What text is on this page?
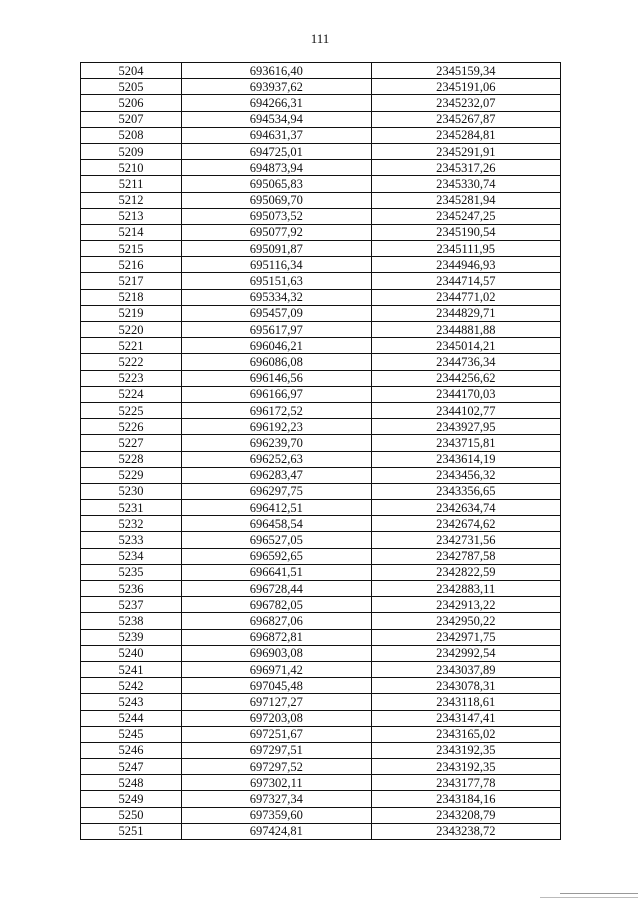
111
5204	693616,40	2345159,34
5205	693937,62	2345191,06
5206	694266,31	2345232,07
5207	694534,94	2345267,87
5208	694631,37	2345284,81
5209	694725,01	2345291,91
5210	694873,94	2345317,26
5211	695065,83	2345330,74
5212	695069,70	2345281,94
5213	695073,52	2345247,25
5214	695077,92	2345190,54
5215	695091,87	2345111,95
5216	695116,34	2344946,93
5217	695151,63	2344714,57
5218	695334,32	2344771,02
5219	695457,09	2344829,71
5220	695617,97	2344881,88
5221	696046,21	2345014,21
5222	696086,08	2344736,34
5223	696146,56	2344256,62
5224	696166,97	2344170,03
5225	696172,52	2344102,77
5226	696192,23	2343927,95
5227	696239,70	2343715,81
5228	696252,63	2343614,19
5229	696283,47	2343456,32
5230	696297,75	2343356,65
5231	696412,51	2342634,74
5232	696458,54	2342674,62
5233	696527,05	2342731,56
5234	696592,65	2342787,58
5235	696641,51	2342822,59
5236	696728,44	2342883,11
5237	696782,05	2342913,22
5238	696827,06	2342950,22
5239	696872,81	2342971,75
5240	696903,08	2342992,54
5241	696971,42	2343037,89
5242	697045,48	2343078,31
5243	697127,27	2343118,61
5244	697203,08	2343147,41
5245	697251,67	2343165,02
5246	697297,51	2343192,35
5247	697297,52	2343192,35
5248	697302,11	2343177,78
5249	697327,34	2343184,16
5250	697359,60	2343208,79
5251	697424,81	2343238,72
